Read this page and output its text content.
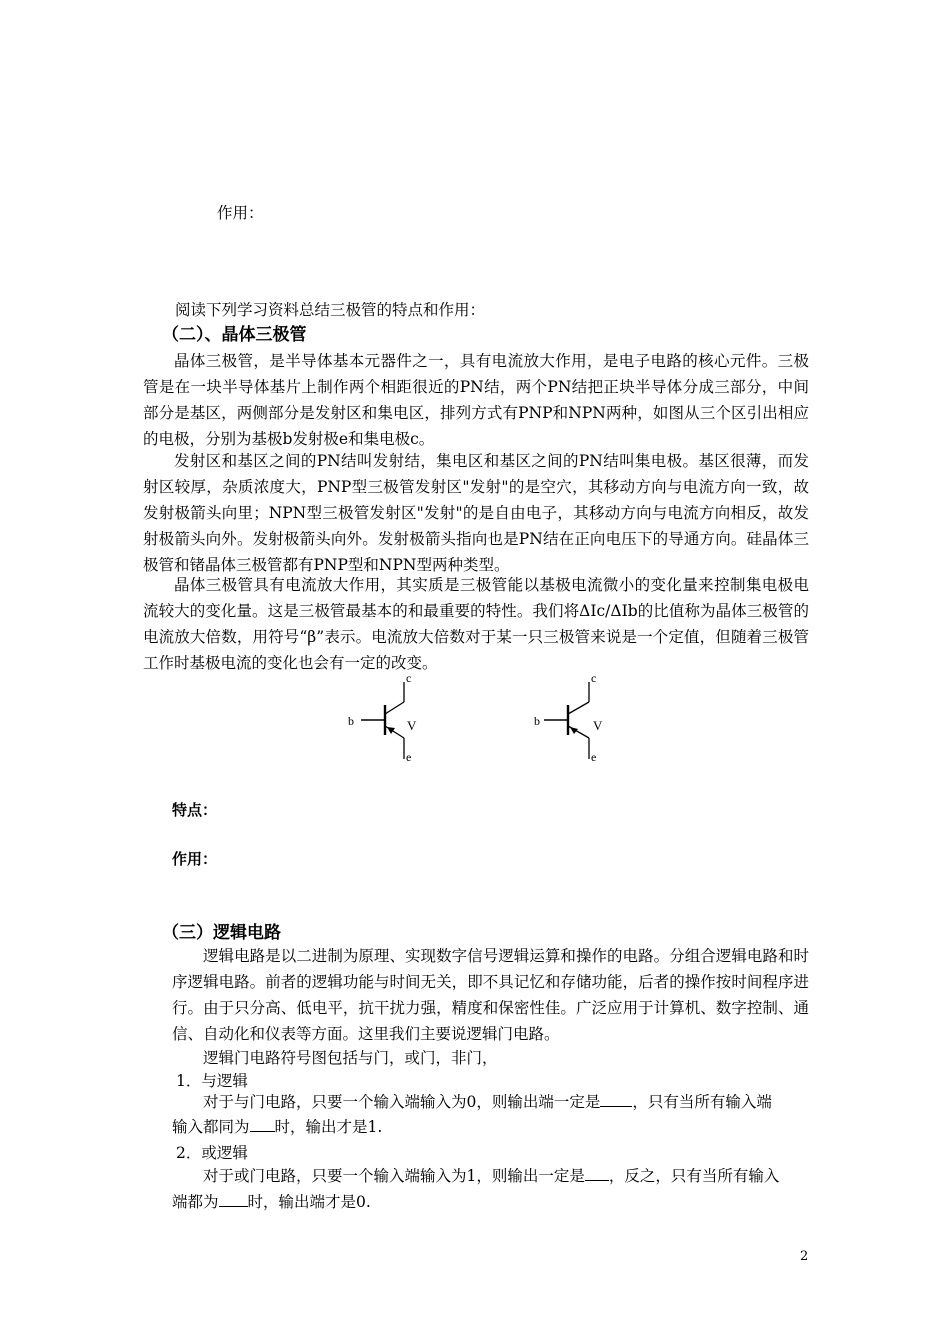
作用：
阅读下列学习资料总结三极管的特点和作用：
（二）、晶体三极管
晶体三极管，是半导体基本元器件之一，具有电流放大作用，是电子电路的核心元件。三极管是在一块半导体基片上制作两个相距很近的PN结，两个PN结把正块半导体分成三部分，中间部分是基区，两侧部分是发射区和集电区，排列方式有PNP和NPN两种，如图从三个区引出相应的电极，分别为基极b发射极e和集电极c。
发射区和基区之间的PN结叫发射结，集电区和基区之间的PN结叫集电极。基区很薄，而发射区较厚，杂质浓度大，PNP型三极管发射区"发射"的是空穴，其移动方向与电流方向一致，故发射极箭头向里；NPN型三极管发射区"发射"的是自由电子，其移动方向与电流方向相反，故发射极箭头向外。发射极箭头向外。发射极箭头指向也是PN结在正向电压下的导通方向。硅晶体三极管和锗晶体三极管都有PNP型和NPN型两种类型。
晶体三极管具有电流放大作用，其实质是三极管能以基极电流微小的变化量来控制集电极电流较大的变化量。这是三极管最基本的和最重要的特性。我们将ΔIc/ΔIb的比值称为晶体三极管的电流放大倍数，用符号“β”表示。电流放大倍数对于某一只三极管来说是一个定值，但随着三极管工作时基极电流的变化也会有一定的改变。
c
b	V
e
c
b	V
e
特点：
作用：
（三）逻辑电路
逻辑电路是以二进制为原理、实现数字信号逻辑运算和操作的电路。分组合逻辑电路和时序逻辑电路。前者的逻辑功能与时间无关，即不具记忆和存储功能，后者的操作按时间程序进行。由于只分高、低电平，抗干扰力强，精度和保密性佳。广泛应用于计算机、数字控制、通信、自动化和仪表等方面。这里我们主要说逻辑门电路。
逻辑门电路符号图包括与门，或门，非门，
1．与逻辑
对于与门电路，只要一个输入端输入为0，则输出端一定是 ，只有当所有输入端
输入都同为 时，输出才是1.
2．或逻辑
对于或门电路，只要一个输入端输入为1，则输出一定是 ，反之，只有当所有输入
端都为 时，输出端才是0.
2
